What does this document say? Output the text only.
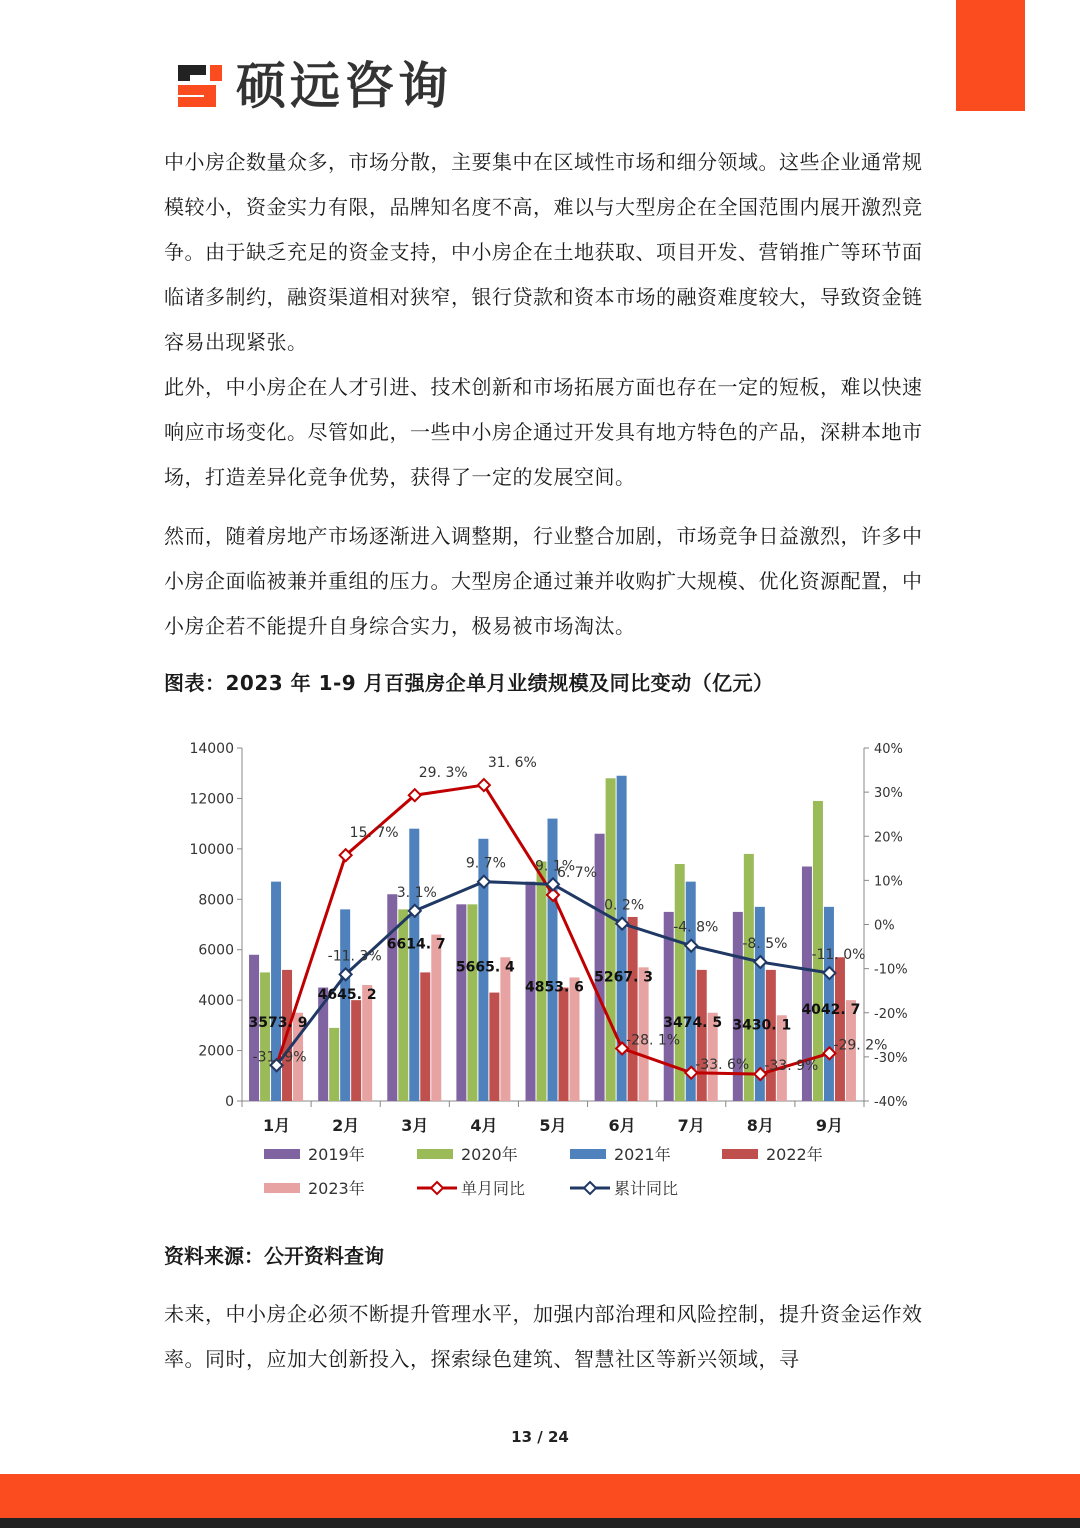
硕远咨询

中小房企数量众多，市场分散，主要集中在区域性市场和细分领域。这些企业通常规模较小，资金实力有限，品牌知名度不高，难以与大型房企在全国范围内展开激烈竞争。由于缺乏充足的资金支持，中小房企在土地获取、项目开发、营销推广等环节面临诸多制约，融资渠道相对狭窄，银行贷款和资本市场的融资难度较大，导致资金链容易出现紧张。

此外，中小房企在人才引进、技术创新和市场拓展方面也存在一定的短板，难以快速响应市场变化。尽管如此，一些中小房企通过开发具有地方特色的产品，深耕本地市场，打造差异化竞争优势，获得了一定的发展空间。

然而，随着房地产市场逐渐进入调整期，行业整合加剧，市场竞争日益激烈，许多中小房企面临被兼并重组的压力。大型房企通过兼并收购扩大规模、优化资源配置，中小房企若不能提升自身综合实力，极易被市场淘汰。

图表：2023 年 1-9 月百强房企单月业绩规模及同比变动（亿元）
14000
12000
10000
8000
6000
4000
2000
0
40%
30%
20%
10%
0%
-10%
-20%
-30%
-40%
1月	2月	3月	4月	5月	6月	7月	8月	9月
-31. 9%
15. 7%
29. 3%
31. 6%
6. 7%
-28. 1%
-33. 6% -33. 9%
-29. 2%
-11. 3%
3. 1%
9. 7% 9. 1%
0. 2%
-4. 8%
-8. 5%
-11. 0%
3573. 9
4645. 2
6614. 7
5665. 4
4853. 6
5267. 3
3474. 5 3430. 1
4042. 7
2019年	2020年	2021年	2022年
2023年	单月同比	累计同比
资料来源：公开资料查询

未来，中小房企必须不断提升管理水平，加强内部治理和风险控制，提升资金运作效率。同时，应加大创新投入，探索绿色建筑、智慧社区等新兴领域，寻

13 / 24
